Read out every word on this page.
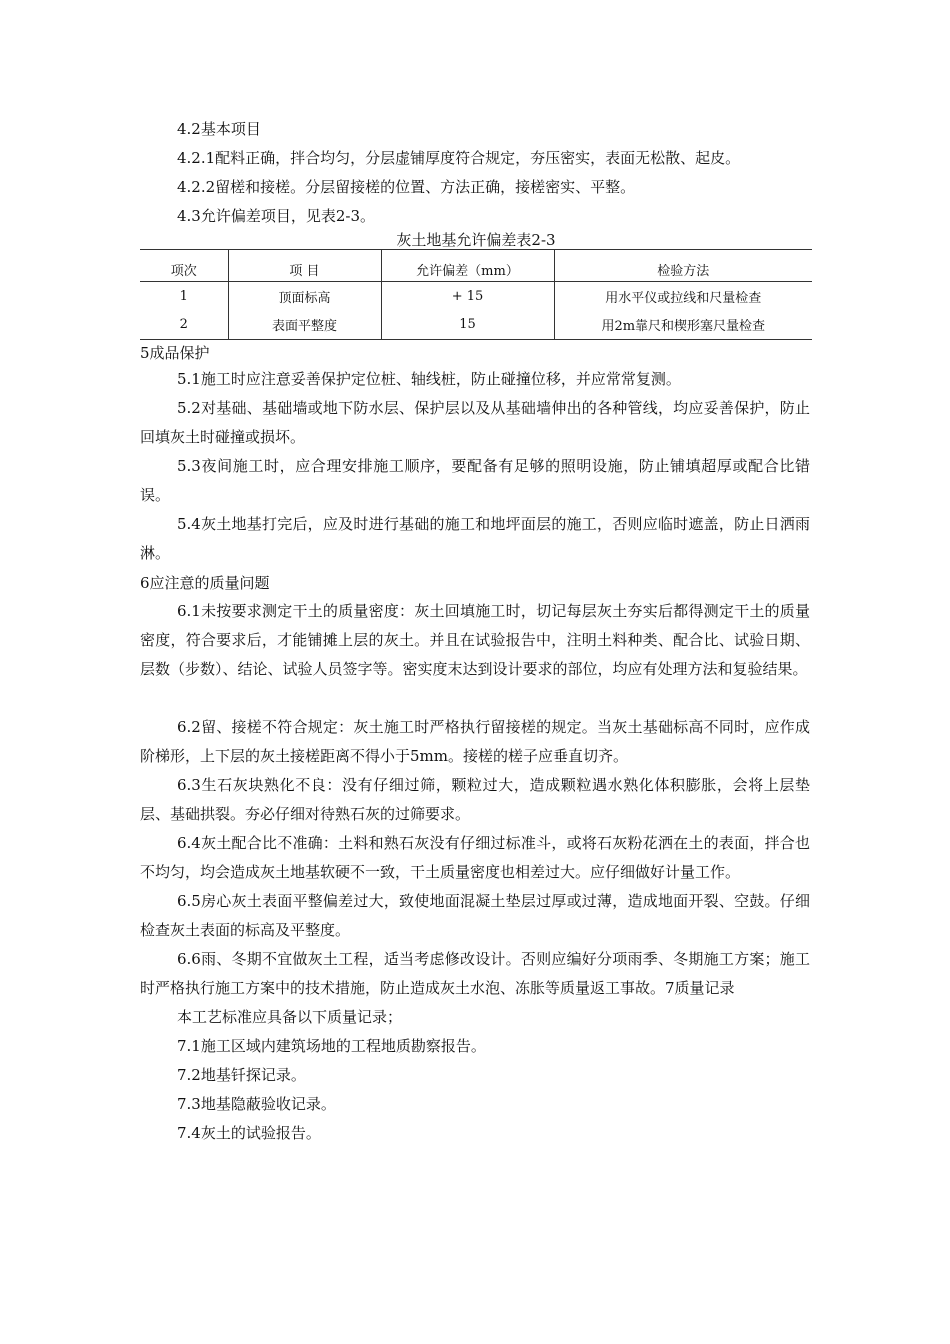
4.2基本项目
4.2.1配料正确，拌合均匀，分层虚铺厚度符合规定，夯压密实，表面无松散、起皮。
4.2.2留槎和接槎。分层留接槎的位置、方法正确，接槎密实、平整。
4.3允许偏差项目，见表2-3。
灰土地基允许偏差表2-3
项次	项 目	允许偏差（mm）	检验方法
1	顶面标高	+ 15	用水平仪或拉线和尺量检查
2	表面平整度	15	用2m靠尺和楔形塞尺量检查
5成品保护
5.1施工时应注意妥善保护定位桩、轴线桩，防止碰撞位移，并应常常复测。
5.2对基础、基础墙或地下防水层、保护层以及从基础墙伸出的各种管线，均应妥善保护，防止回填灰土时碰撞或损坏。
5.3夜间施工时，应合理安排施工顺序，要配备有足够的照明设施，防止铺填超厚或配合比错误。
5.4灰土地基打完后，应及时进行基础的施工和地坪面层的施工，否则应临时遮盖，防止日洒雨淋。
6应注意的质量问题
6.1未按要求测定干土的质量密度：灰土回填施工时，切记每层灰土夯实后都得测定干土的质量密度，符合要求后，才能铺摊上层的灰土。并且在试验报告中，注明土料种类、配合比、试验日期、层数（步数）、结论、试验人员签字等。密实度末达到设计要求的部位，均应有处理方法和复验结果。
6.2留、接槎不符合规定：灰土施工时严格执行留接槎的规定。当灰土基础标高不同时，应作成阶梯形，上下层的灰土接槎距离不得小于5mm。接槎的槎子应垂直切齐。
6.3生石灰块熟化不良：没有仔细过筛，颗粒过大，造成颗粒遇水熟化体积膨胀，会将上层垫层、基础拱裂。夯必仔细对待熟石灰的过筛要求。
6.4灰土配合比不准确：土料和熟石灰没有仔细过标准斗，或将石灰粉花洒在土的表面，拌合也不均匀，均会造成灰土地基软硬不一致，干土质量密度也相差过大。应仔细做好计量工作。
6.5房心灰土表面平整偏差过大，致使地面混凝土垫层过厚或过薄，造成地面开裂、空鼓。仔细检查灰土表面的标高及平整度。
6.6雨、冬期不宜做灰土工程，适当考虑修改设计。否则应编好分项雨季、冬期施工方案；施工时严格执行施工方案中的技术措施，防止造成灰土水泡、冻胀等质量返工事故。7质量记录
本工艺标准应具备以下质量记录；
7.1施工区域内建筑场地的工程地质勘察报告。
7.2地基钎探记录。
7.3地基隐蔽验收记录。
7.4灰土的试验报告。
